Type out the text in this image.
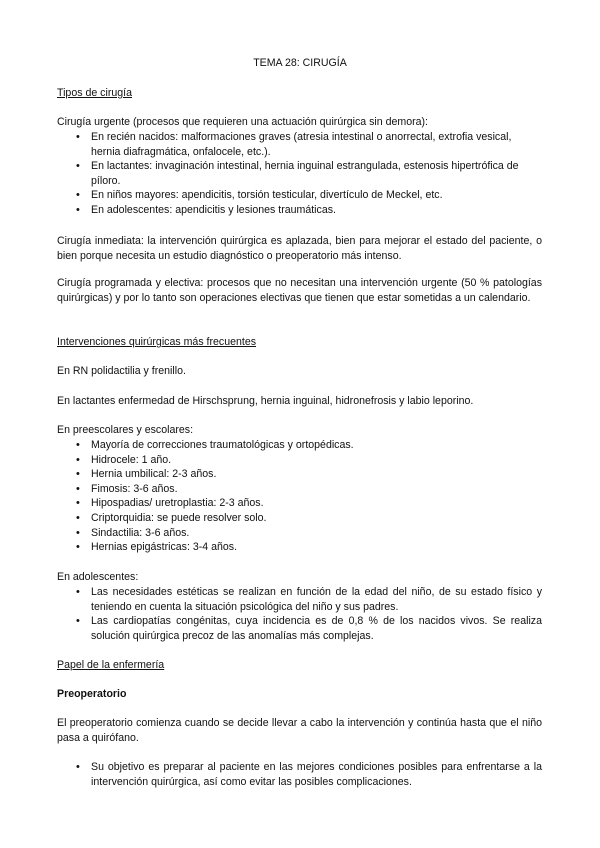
TEMA 28: CIRUGÍA
Tipos de cirugía
Cirugía urgente (procesos que requieren una actuación quirúrgica sin demora):
• En recién nacidos: malformaciones graves (atresia intestinal o anorrectal, extrofia vesical, hernia diafragmática, onfalocele, etc.).
• En lactantes: invaginación intestinal, hernia inguinal estrangulada, estenosis hipertrófica de píloro.
• En niños mayores: apendicitis, torsión testicular, divertículo de Meckel, etc.
• En adolescentes: apendicitis y lesiones traumáticas.
Cirugía inmediata: la intervención quirúrgica es aplazada, bien para mejorar el estado del paciente, o bien porque necesita un estudio diagnóstico o preoperatorio más intenso.
Cirugía programada y electiva: procesos que no necesitan una intervención urgente (50 % patologías quirúrgicas) y por lo tanto son operaciones electivas que tienen que estar sometidas a un calendario.
Intervenciones quirúrgicas más frecuentes
En RN polidactilia y frenillo.
En lactantes enfermedad de Hirschsprung, hernia inguinal, hidronefrosis y labio leporino.
En preescolares y escolares:
• Mayoría de correcciones traumatológicas y ortopédicas.
• Hidrocele: 1 año.
• Hernia umbilical: 2-3 años.
• Fimosis: 3-6 años.
• Hipospadias/ uretroplastia: 2-3 años.
• Criptorquidia: se puede resolver solo.
• Sindactilia: 3-6 años.
• Hernias epigástricas: 3-4 años.
En adolescentes:
• Las necesidades estéticas se realizan en función de la edad del niño, de su estado físico y teniendo en cuenta la situación psicológica del niño y sus padres.
• Las cardiopatías congénitas, cuya incidencia es de 0,8 % de los nacidos vivos. Se realiza solución quirúrgica precoz de las anomalías más complejas.
Papel de la enfermería
Preoperatorio
El preoperatorio comienza cuando se decide llevar a cabo la intervención y continúa hasta que el niño pasa a quirófano.
• Su objetivo es preparar al paciente en las mejores condiciones posibles para enfrentarse a la intervención quirúrgica, así como evitar las posibles complicaciones.
